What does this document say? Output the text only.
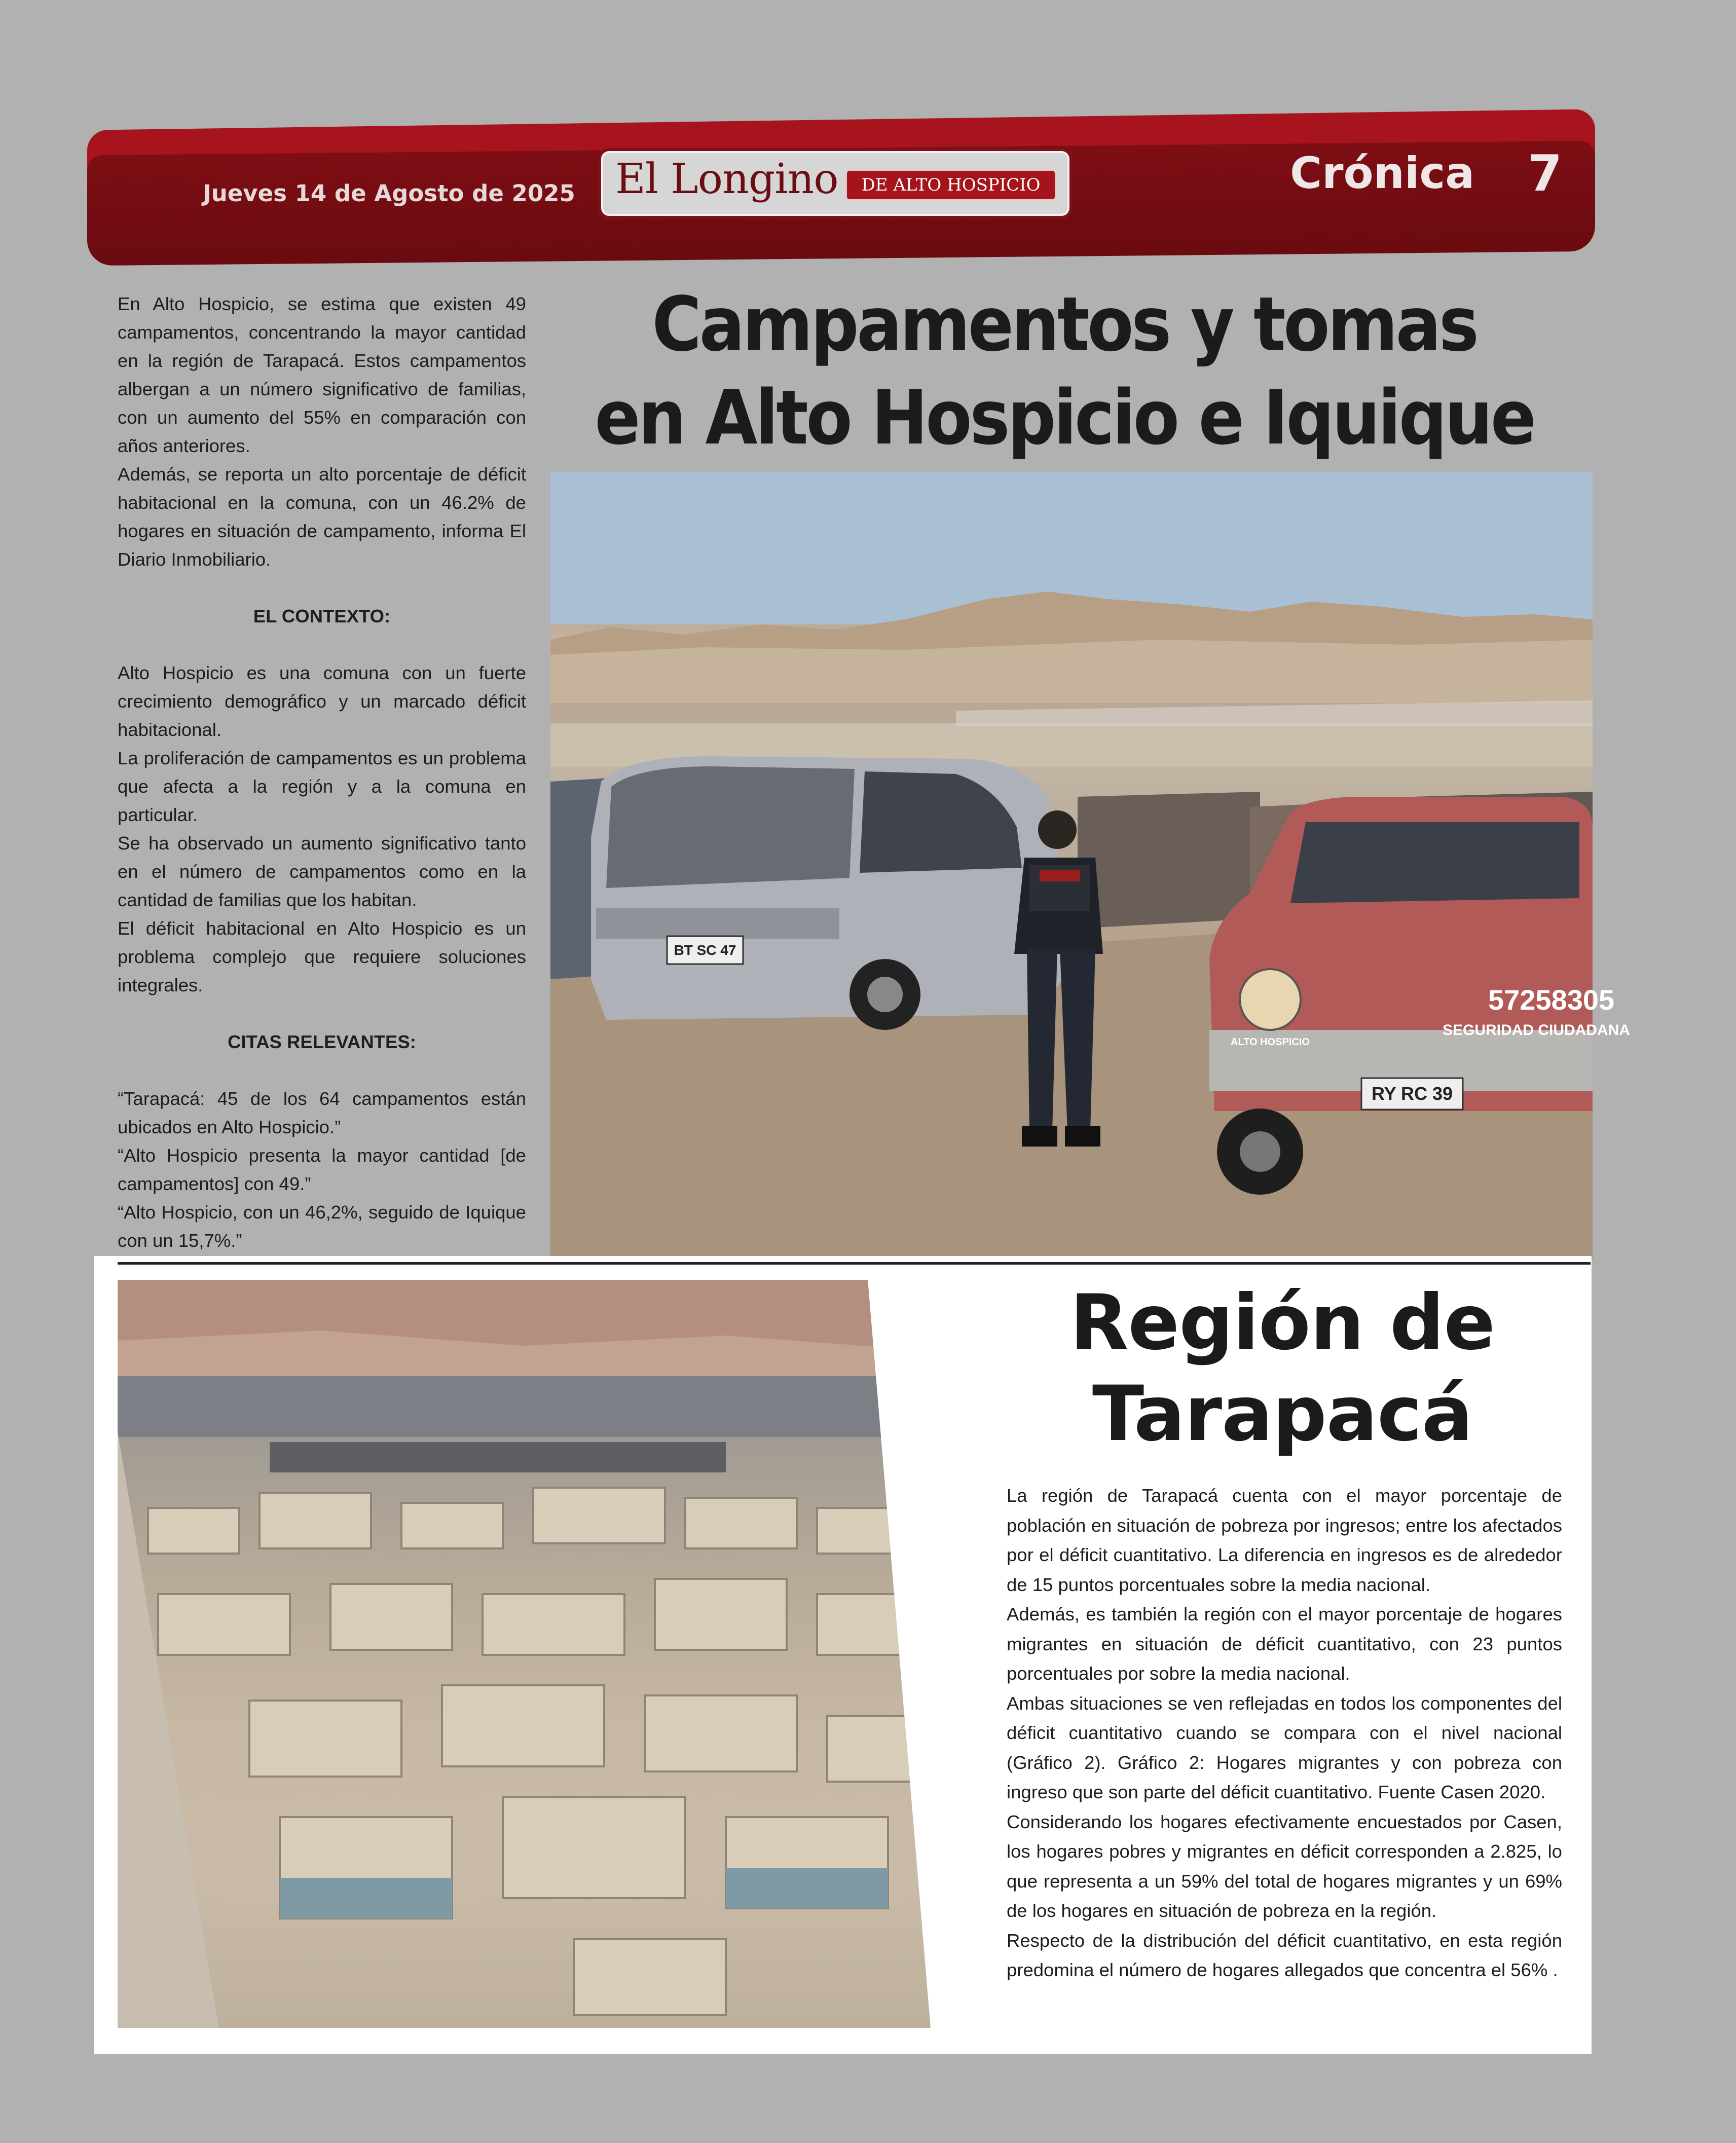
Jueves 14 de Agosto de 2025 El Longino	DE ALTO HOSPICIO	Crónica 7

En Alto Hospicio, se estima que existen 49 campamentos, concentrando la mayor cantidad en la región de Tarapacá. Estos campamentos albergan a un número significativo de familias, con un aumento del 55% en comparación con años anteriores.

Además, se reporta un alto porcentaje de déficit habitacional en la comuna, con un 46.2% de hogares en situación de campamento, informa El Diario Inmobiliario.

EL CONTEXTO:

Alto Hospicio es una comuna con un fuerte crecimiento demográfico y un marcado déficit habitacional.

La proliferación de campamentos es un problema que afecta a la región y a la comuna en particular.

Se ha observado un aumento significativo tanto en el número de campamentos como en la cantidad de familias que los habitan.

El déficit habitacional en Alto Hospicio es un problema complejo que requiere soluciones integrales.

CITAS RELEVANTES:

“Tarapacá: 45 de los 64 campamentos están ubicados en Alto Hospicio.”

“Alto Hospicio presenta la mayor cantidad [de campamentos] con 49.”

“Alto Hospicio, con un 46,2%, seguido de Iquique con un 15,7%.”

Campamentos y tomas
en Alto Hospicio e Iquique
BT SC 47
RY RC 39
ALTO HOSPICIO
57258305
SEGURIDAD CIUDADANA
Región de
Tarapacá

La región de Tarapacá cuenta con el mayor porcentaje de población en situación de pobreza por ingresos; entre los afectados por el déficit cuantitativo. La diferencia en ingresos es de alrededor de 15 puntos porcentuales sobre la media nacional.

Además, es también la región con el mayor porcentaje de hogares migrantes en situación de déficit cuantitativo, con 23 puntos porcentuales por sobre la media nacional.

Ambas situaciones se ven reflejadas en todos los componentes del déficit cuantitativo cuando se compara con el nivel nacional (Gráfico 2). Gráfico 2: Hogares migrantes y con pobreza con ingreso que son parte del déficit cuantitativo. Fuente Casen 2020.

Considerando los hogares efectivamente encuestados por Casen, los hogares pobres y migrantes en déficit corresponden a 2.825, lo que representa a un 59% del total de hogares migrantes y un 69% de los hogares en situación de pobreza en la región.

Respecto de la distribución del déficit cuantitativo, en esta región predomina el número de hogares allegados que concentra el 56% .
